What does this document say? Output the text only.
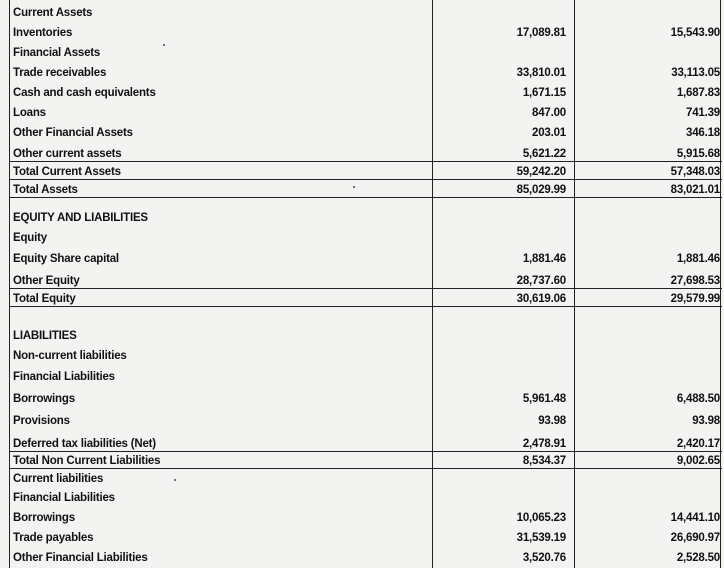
Current Assets
Inventories	17,089.81	15,543.90
Financial Assets
Trade receivables	33,810.01	33,113.05
Cash and cash equivalents	1,671.15	1,687.83
Loans	847.00	741.39
Other Financial Assets	203.01	346.18
Other current assets	5,621.22	5,915.68
Total Current Assets	59,242.20	57,348.03
Total Assets	85,029.99	83,021.01
EQUITY AND LIABILITIES
Equity
Equity Share capital	1,881.46	1,881.46
Other Equity	28,737.60	27,698.53
Total Equity	30,619.06	29,579.99
LIABILITIES
Non-current liabilities
Financial Liabilities
Borrowings	5,961.48	6,488.50
Provisions	93.98	93.98
Deferred tax liabilities (Net)	2,478.91	2,420.17
Total Non Current Liabilities	8,534.37	9,002.65
Current liabilities
Financial Liabilities
Borrowings	10,065.23	14,441.10
Trade payables	31,539.19	26,690.97
Other Financial Liabilities	3,520.76	2,528.50
